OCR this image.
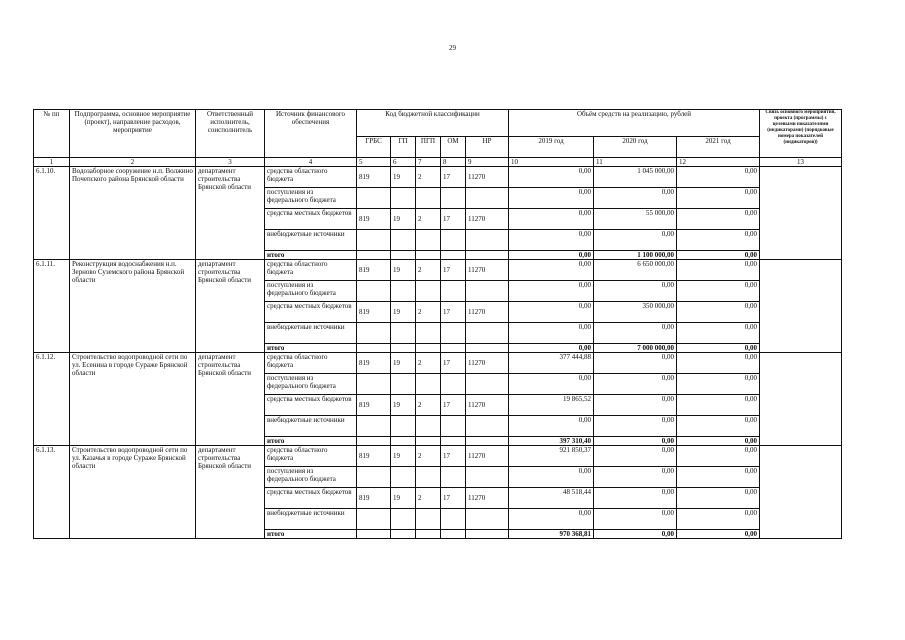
29
№ пп	Подпрограмма, основное мероприятие (проект), направление расходов, мероприятие	Ответственный исполнитель, соисполнитель	Источник финансового обеспечения	Код бюджетной классификации					Объём средств на реализацию, рублей			Связь основного мероприятия, проекта (программы) с целевыми показателями (индикаторами) (порядковые номера показателей (индикаторов))
				ГРБС	ГП	ПГП	ОМ	НР	2019 год	2020 год	2021 год	
1	2	3	4	5	6	7	8	9	10	11	12	13
6.1.10.	Водозаборное сооружение н.п. Волжино Почепского района Брянской области	департамент строительства Брянской области	средства областного бюджета	819	19	2	17	11270	0,00	1 045 000,00	0,00	
			поступления из федерального бюджета						0,00	0,00	0,00	
			средства местных бюджетов	819	19	2	17	11270	0,00	55 000,00	0,00	
			внебюджетные источники						0,00	0,00	0,00	
			итого						0,00	1 100 000,00	0,00	
6.1.11.	Реконструкция водоснабжения н.п. Зерново Суземского района Брянской области	департамент строительства Брянской области	средства областного бюджета	819	19	2	17	11270	0,00	6 650 000,00	0,00	
			поступления из федерального бюджета						0,00	0,00	0,00	
			средства местных бюджетов	819	19	2	17	11270	0,00	350 000,00	0,00	
			внебюджетные источники						0,00	0,00	0,00	
			итого						0,00	7 000 000,00	0,00	
6.1.12.	Строительство водопроводной сети по ул. Есенина в городе Сураже Брянской области	департамент строительства Брянской области	средства областного бюджета	819	19	2	17	11270	377 444,88	0,00	0,00	
			поступления из федерального бюджета						0,00	0,00	0,00	
			средства местных бюджетов	819	19	2	17	11270	19 865,52	0,00	0,00	
			внебюджетные источники						0,00	0,00	0,00	
			итого						397 310,40	0,00	0,00	
6.1.13.	Строительство водопроводной сети по ул. Казачья в городе Сураже Брянской области	департамент строительства Брянской области	средства областного бюджета	819	19	2	17	11270	921 850,37	0,00	0,00	
			поступления из федерального бюджета						0,00	0,00	0,00	
			средства местных бюджетов	819	19	2	17	11270	48 518,44	0,00	0,00	
			внебюджетные источники						0,00	0,00	0,00	
			итого						970 368,81	0,00	0,00	
